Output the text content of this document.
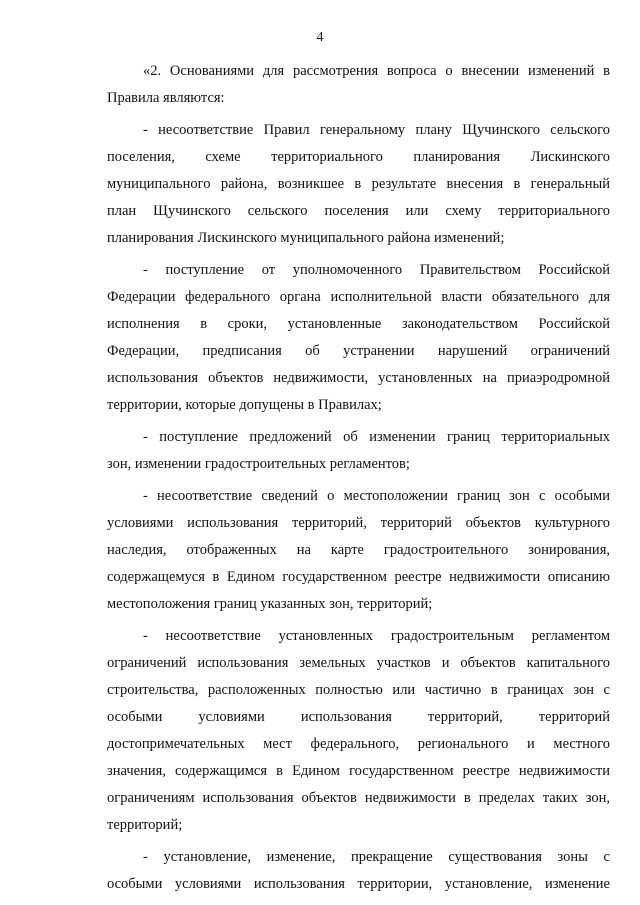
4

«2. Основаниями для рассмотрения вопроса о внесении изменений в
Правила являются:

- несоответствие Правил генеральному плану Щучинского сельского
поселения, схеме территориального планирования Лискинского
муниципального района, возникшее в результате внесения в генеральный
план Щучинского сельского поселения или схему территориального
планирования Лискинского муниципального района изменений;

- поступление от уполномоченного Правительством Российской
Федерации федерального органа исполнительной власти обязательного для
исполнения в сроки, установленные законодательством Российской
Федерации, предписания об устранении нарушений ограничений
использования объектов недвижимости, установленных на приаэродромной
территории, которые допущены в Правилах;

- поступление предложений об изменении границ территориальных
зон, изменении градостроительных регламентов;

- несоответствие сведений о местоположении границ зон с особыми
условиями использования территорий, территорий объектов культурного
наследия, отображенных на карте градостроительного зонирования,
содержащемуся в Едином государственном реестре недвижимости описанию
местоположения границ указанных зон, территорий;

- несоответствие установленных градостроительным регламентом
ограничений использования земельных участков и объектов капитального
строительства, расположенных полностью или частично в границах зон с
особыми условиями использования территорий, территорий
достопримечательных мест федерального, регионального и местного
значения, содержащимся в Едином государственном реестре недвижимости
ограничениям использования объектов недвижимости в пределах таких зон,
территорий;

- установление, изменение, прекращение существования зоны с
особыми условиями использования территории, установление, изменение
